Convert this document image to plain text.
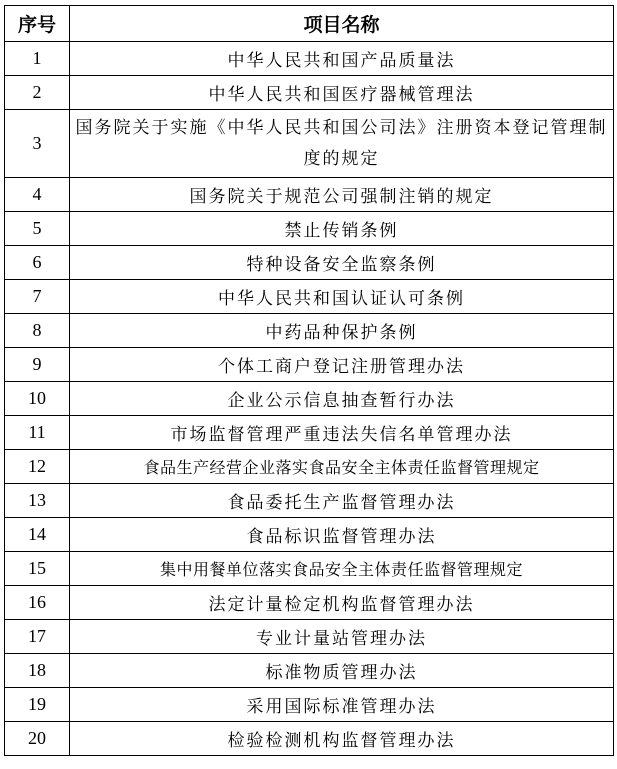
序号	项目名称
1	中华人民共和国产品质量法
2	中华人民共和国医疗器械管理法
3	国务院关于实施《中华人民共和国公司法》注册资本登记管理制度的规定
4	国务院关于规范公司强制注销的规定
5	禁止传销条例
6	特种设备安全监察条例
7	中华人民共和国认证认可条例
8	中药品种保护条例
9	个体工商户登记注册管理办法
10	企业公示信息抽查暂行办法
11	市场监督管理严重违法失信名单管理办法
12	食品生产经营企业落实食品安全主体责任监督管理规定
13	食品委托生产监督管理办法
14	食品标识监督管理办法
15	集中用餐单位落实食品安全主体责任监督管理规定
16	法定计量检定机构监督管理办法
17	专业计量站管理办法
18	标准物质管理办法
19	采用国际标准管理办法
20	检验检测机构监督管理办法
